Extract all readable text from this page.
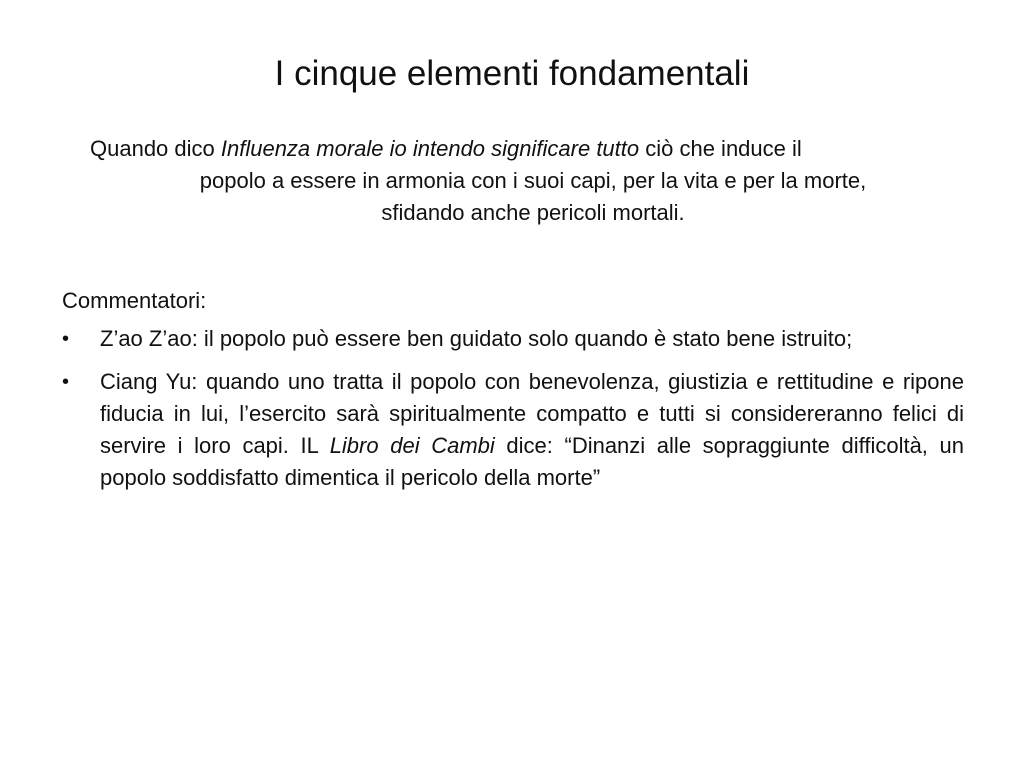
I cinque elementi fondamentali

Quando dico Influenza morale io intendo significare tutto ciò che induce il
popolo a essere in armonia con i suoi capi, per la vita e per la morte,
sfidando anche pericoli mortali.

Commentatori:

•	Z’ao Z’ao: il popolo può essere ben guidato solo quando è stato bene istruito;
•	Ciang Yu: quando uno tratta il popolo con benevolenza, giustizia e rettitudine e ripone fiducia in lui, l’esercito sarà spiritualmente compatto e tutti si considereranno felici di servire i loro capi. IL Libro dei Cambi dice: “Dinanzi alle sopraggiunte difficoltà, un popolo soddisfatto dimentica il pericolo della morte”
